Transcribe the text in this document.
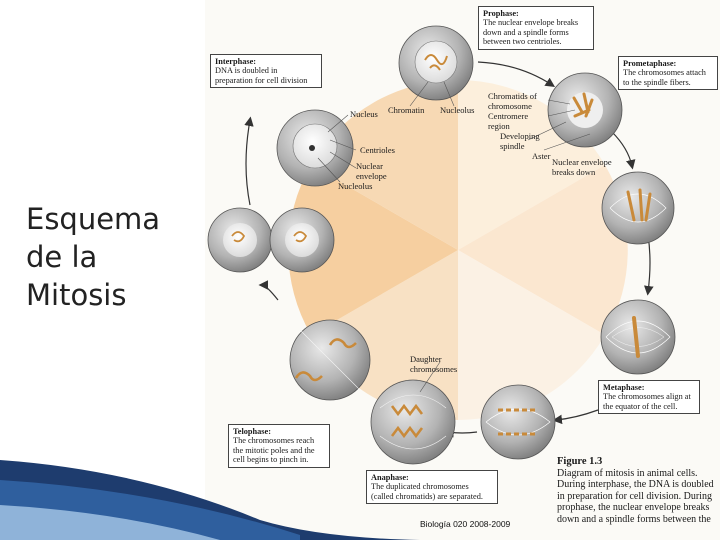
Esquema
de la
Mitosis
Nucleus Chromatin Nucleolus
Chromatids of chromosome
Centromere region
Developing spindle
Aster
Centrioles
Nuclear envelope
Nucleolus
Nuclear envelope breaks down
Daughter chromosomes
Interphase:
DNA is doubled in preparation for cell division
Prophase:
The nuclear envelope breaks down and a spindle forms between two centrioles.
Prometaphase:
The chromosomes attach to the spindle fibers.
Metaphase:
The chromosomes align at the equator of the cell.
Anaphase:
The duplicated chromosomes (called chromatids) are separated.
Telophase:
The chromosomes reach the mitotic poles and the cell begins to pinch in.	Figure 1.3
Diagram of mitosis in animal cells. During interphase, the DNA is doubled in preparation for cell division. During prophase, the nuclear envelope breaks down and a spindle forms between the
Biología 020 2008-2009
